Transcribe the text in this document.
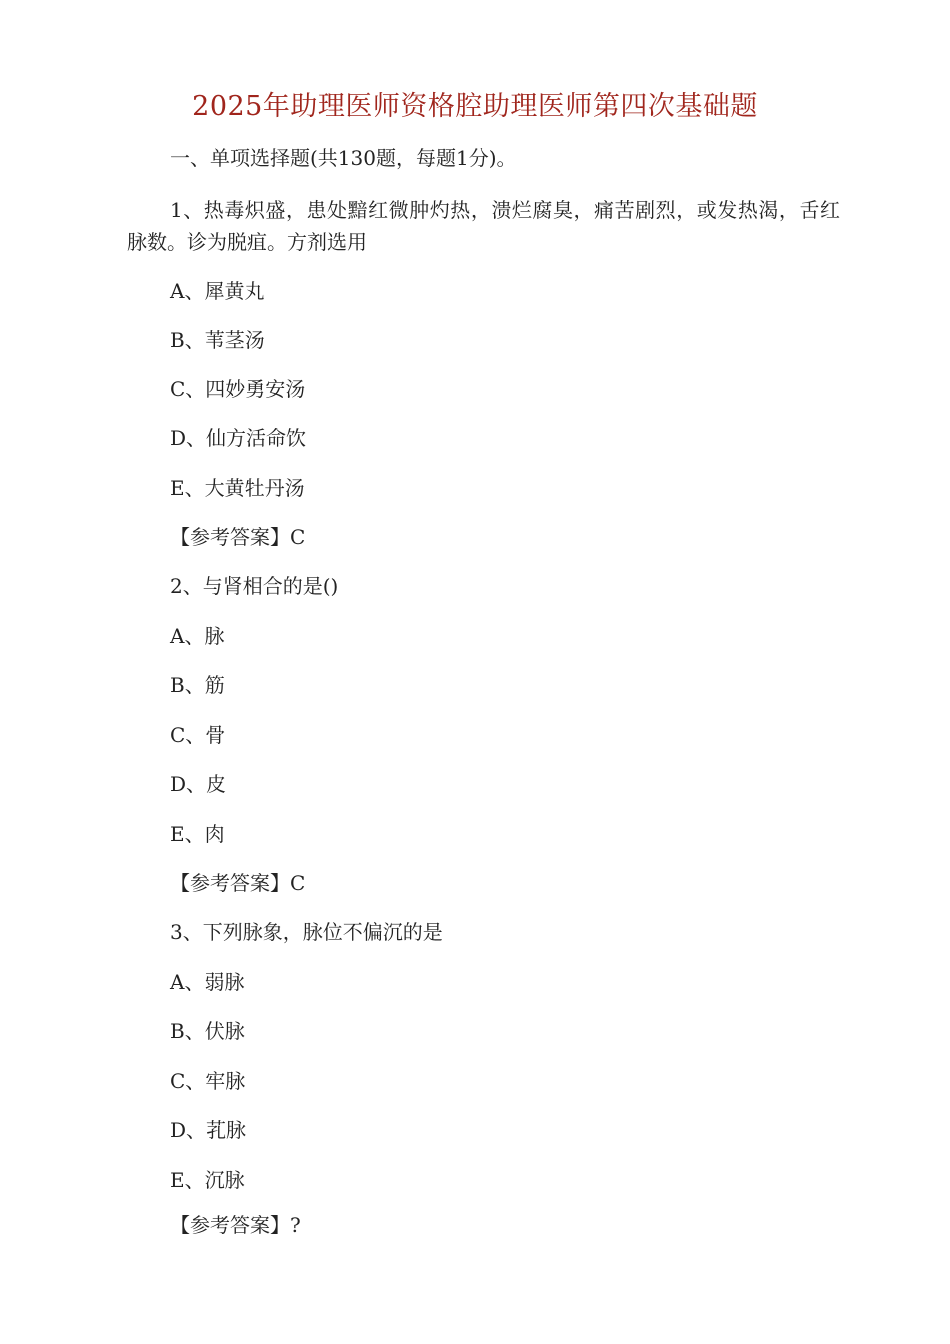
2025年助理医师资格腔助理医师第四次基础题
一、单项选择题(共130题，每题1分)。
1、热毒炽盛，患处黯红微肿灼热，溃烂腐臭，痛苦剧烈，或发热渴，舌红脉数。诊为脱疽。方剂选用
A、犀黄丸
B、苇茎汤
C、四妙勇安汤
D、仙方活命饮
E、大黄牡丹汤
【参考答案】C
2、与肾相合的是()
A、脉
B、筋
C、骨
D、皮
E、肉
【参考答案】C
3、下列脉象，脉位不偏沉的是
A、弱脉
B、伏脉
C、牢脉
D、芤脉
E、沉脉
【参考答案】?
